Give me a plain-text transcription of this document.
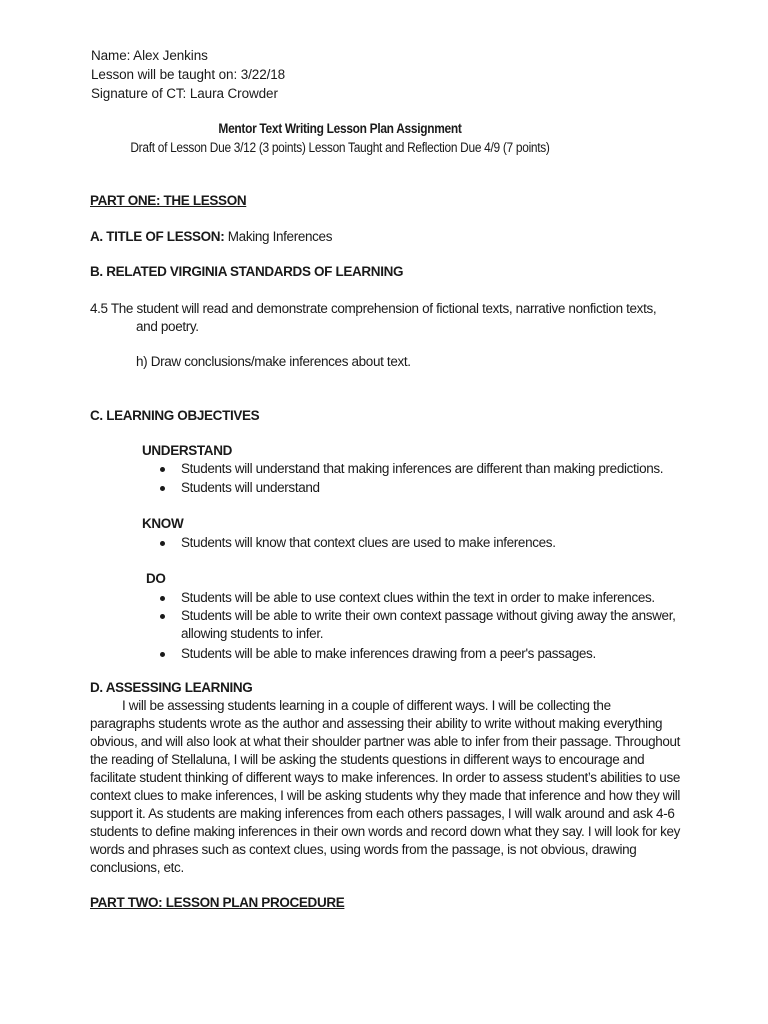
Name: Alex Jenkins
Lesson will be taught on: 3/22/18
Signature of CT: Laura Crowder
Mentor Text Writing Lesson Plan Assignment
Draft of Lesson Due 3/12 (3 points) Lesson Taught and Reflection Due 4/9 (7 points)
PART ONE: THE LESSON
A. TITLE OF LESSON: Making Inferences
B. RELATED VIRGINIA STANDARDS OF LEARNING
4.5 The student will read and demonstrate comprehension of fictional texts, narrative nonfiction texts,
and poetry.
h) Draw conclusions/make inferences about text.
C. LEARNING OBJECTIVES
UNDERSTAND
Students will understand that making inferences are different than making predictions.
Students will understand
KNOW
Students will know that context clues are used to make inferences.
DO
Students will be able to use context clues within the text in order to make inferences.
Students will be able to write their own context passage without giving away the answer,
allowing students to infer.
Students will be able to make inferences drawing from a peer's passages.
D. ASSESSING LEARNING
I will be assessing students learning in a couple of different ways. I will be collecting the
paragraphs students wrote as the author and assessing their ability to write without making everything
obvious, and will also look at what their shoulder partner was able to infer from their passage. Throughout
the reading of Stellaluna, I will be asking the students questions in different ways to encourage and
facilitate student thinking of different ways to make inferences. In order to assess student’s abilities to use
context clues to make inferences, I will be asking students why they made that inference and how they will
support it. As students are making inferences from each others passages, I will walk around and ask 4-6
students to define making inferences in their own words and record down what they say. I will look for key
words and phrases such as context clues, using words from the passage, is not obvious, drawing
conclusions, etc.
PART TWO: LESSON PLAN PROCEDURE
